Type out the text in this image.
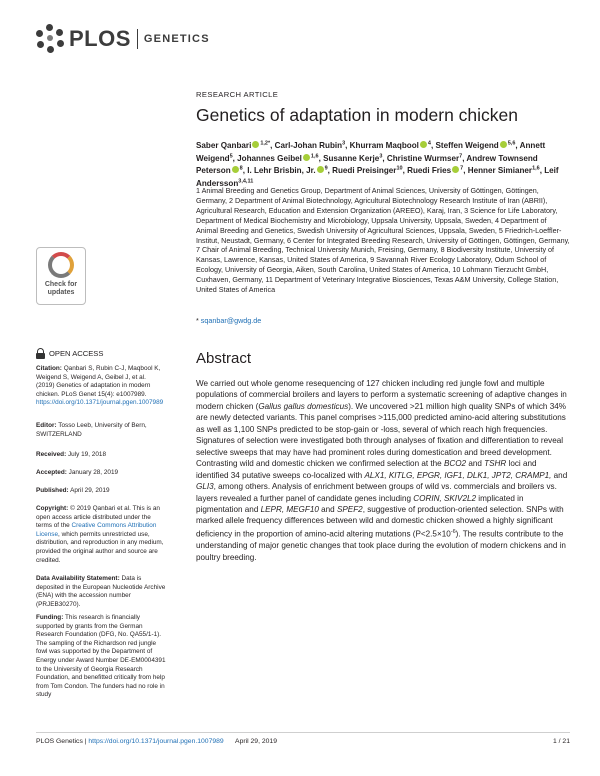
PLOS GENETICS
Check for
updates
OPEN ACCESS
Citation: Qanbari S, Rubin C-J, Maqbool K, Weigend S, Weigend A, Geibel J, et al. (2019) Genetics of adaptation in modern chicken. PLoS Genet 15(4): e1007989. https://doi.org/10.1371/journal.pgen.1007989
Editor: Tosso Leeb, University of Bern, SWITZERLAND
Received: July 19, 2018
Accepted: January 28, 2019
Published: April 29, 2019
Copyright: © 2019 Qanbari et al. This is an open access article distributed under the terms of the Creative Commons Attribution License, which permits unrestricted use, distribution, and reproduction in any medium, provided the original author and source are credited.
Data Availability Statement: Data is deposited in the European Nucleotide Archive (ENA) with the accession number (PRJEB30270).
Funding: This research is financially supported by grants from the German Research Foundation (DFG, No. QA55/1-1). The sampling of the Richardson red jungle fowl was supported by the Department of Energy under Award Number DE-EM0004391 to the University of Georgia Research Foundation, and benefitted critically from help from Tom Condon. The funders had no role in study
RESEARCH ARTICLE
Genetics of adaptation in modern chicken
Saber Qanbari $^{1,2*}$, Carl-Johan Rubin$^3$, Khurram Maqbool $^4$, Steffen Weigend $^{5,6}$, Annett Weigend$^5$, Johannes Geibel $^{1,6}$, Susanne Kerje$^3$, Christine Wurmser$^7$, Andrew Townsend Peterson $^8$, I. Lehr Brisbin, Jr. $^9$, Ruedi Preisinger$^{10}$, Ruedi Fries $^7$, Henner Simianer$^{1,6}$, Leif Andersson$^{3,4,11}$
1 Animal Breeding and Genetics Group, Department of Animal Sciences, University of Göttingen, Göttingen, Germany, 2 Department of Animal Biotechnology, Agricultural Biotechnology Research Institute of Iran (ABRII), Agricultural Research, Education and Extension Organization (AREEO), Karaj, Iran, 3 Science for Life Laboratory, Department of Medical Biochemistry and Microbiology, Uppsala University, Uppsala, Sweden, 4 Department of Animal Breeding and Genetics, Swedish University of Agricultural Sciences, Uppsala, Sweden, 5 Friedrich-Loeffler-Institut, Neustadt, Germany, 6 Center for Integrated Breeding Research, University of Göttingen, Göttingen, Germany, 7 Chair of Animal Breeding, Technical University Munich, Freising, Germany, 8 Biodiversity Institute, University of Kansas, Lawrence, Kansas, United States of America, 9 Savannah River Ecology Laboratory, Odum School of Ecology, University of Georgia, Aiken, South Carolina, United States of America, 10 Lohmann Tierzucht GmbH, Cuxhaven, Germany, 11 Department of Veterinary Integrative Biosciences, Texas A&M University, College Station, United States of America
* sqanbar@gwdg.de
Abstract
We carried out whole genome resequencing of 127 chicken including red jungle fowl and multiple populations of commercial broilers and layers to perform a systematic screening of adaptive changes in modern chicken (Gallus gallus domesticus). We uncovered >21 million high quality SNPs of which 34% are newly detected variants. This panel comprises >115,000 predicted amino-acid altering substitutions as well as 1,100 SNPs predicted to be stop-gain or -loss, several of which reach high frequencies. Signatures of selection were investigated both through analyses of fixation and differentiation to reveal selective sweeps that may have had prominent roles during domestication and breed development. Contrasting wild and domestic chicken we confirmed selection at the BCO2 and TSHR loci and identified 34 putative sweeps co-localized with ALX1, KITLG, EPGR, IGF1, DLK1, JPT2, CRAMP1, and GLI3, among others. Analysis of enrichment between groups of wild vs. commercials and broilers vs. layers revealed a further panel of candidate genes including CORIN, SKIV2L2 implicated in pigmentation and LEPR, MEGF10 and SPEF2, suggestive of production-oriented selection. SNPs with marked allele frequency differences between wild and domestic chicken showed a highly significant deficiency in the proportion of amino-acid altering mutations $(P<2.5\times 10^{-6})$. The results contribute to the understanding of major genetic changes that took place during the evolution of modern chickens and in poultry breeding.
PLOS Genetics | https://doi.org/10.1371/journal.pgen.1007989 April 29, 2019	1 / 21
